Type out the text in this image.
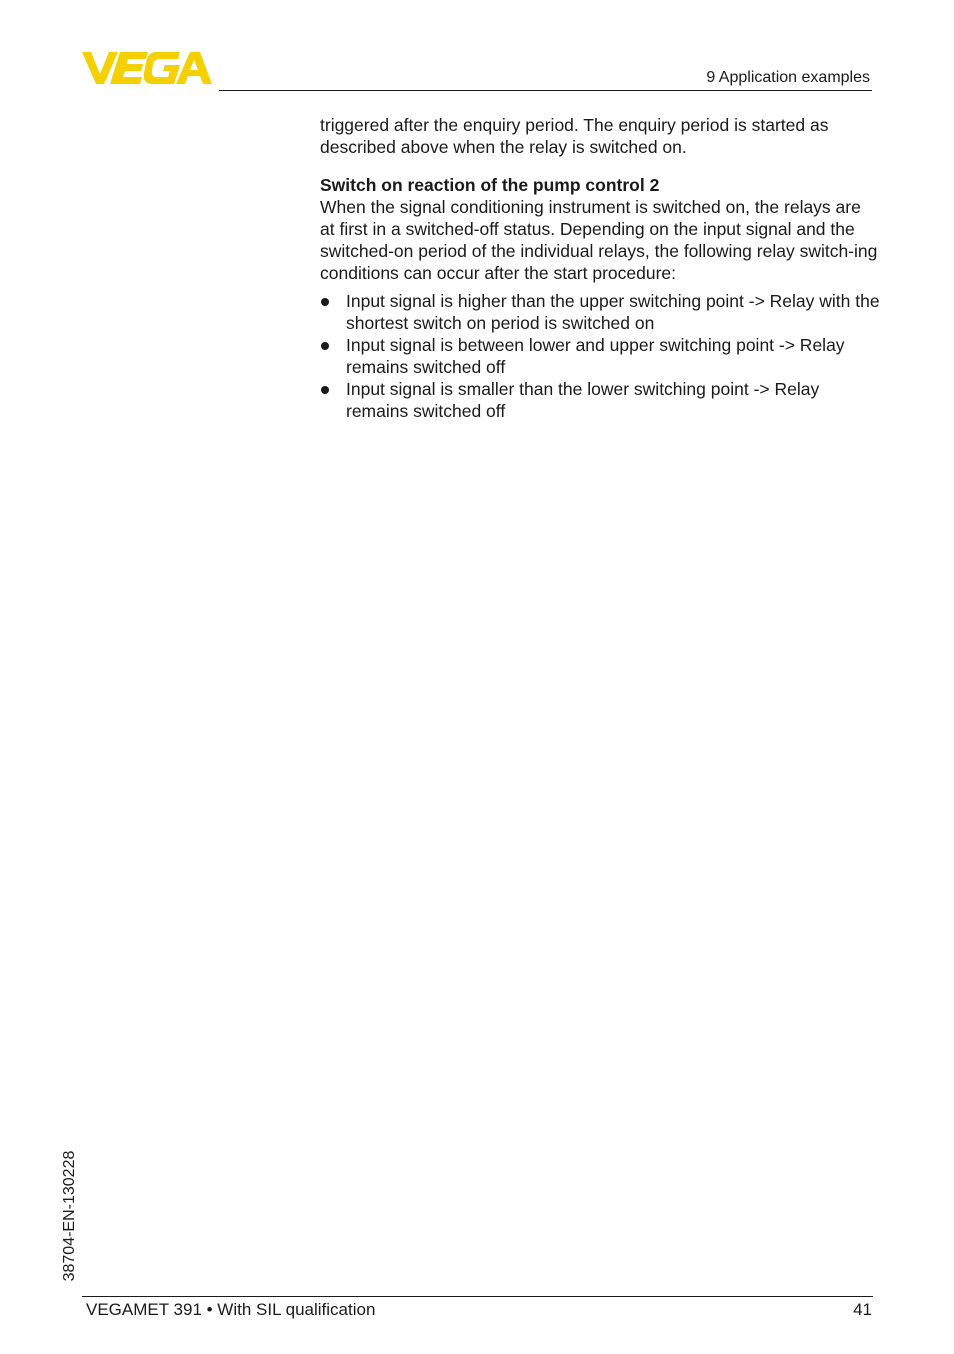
9 Application examples

triggered after the enquiry period. The enquiry period is started as described above when the relay is switched on.

Switch on reaction of the pump control 2

When the signal conditioning instrument is switched on, the relays are at first in a switched-off status. Depending on the input signal and the switched-on period of the individual relays, the following relay switch-ing conditions can occur after the start procedure:

Input signal is higher than the upper switching point -> Relay with the shortest switch on period is switched on
Input signal is between lower and upper switching point -> Relay remains switched off
Input signal is smaller than the lower switching point -> Relay remains switched off
38704-EN-130228
VEGAMET 391 • With SIL qualification	41
